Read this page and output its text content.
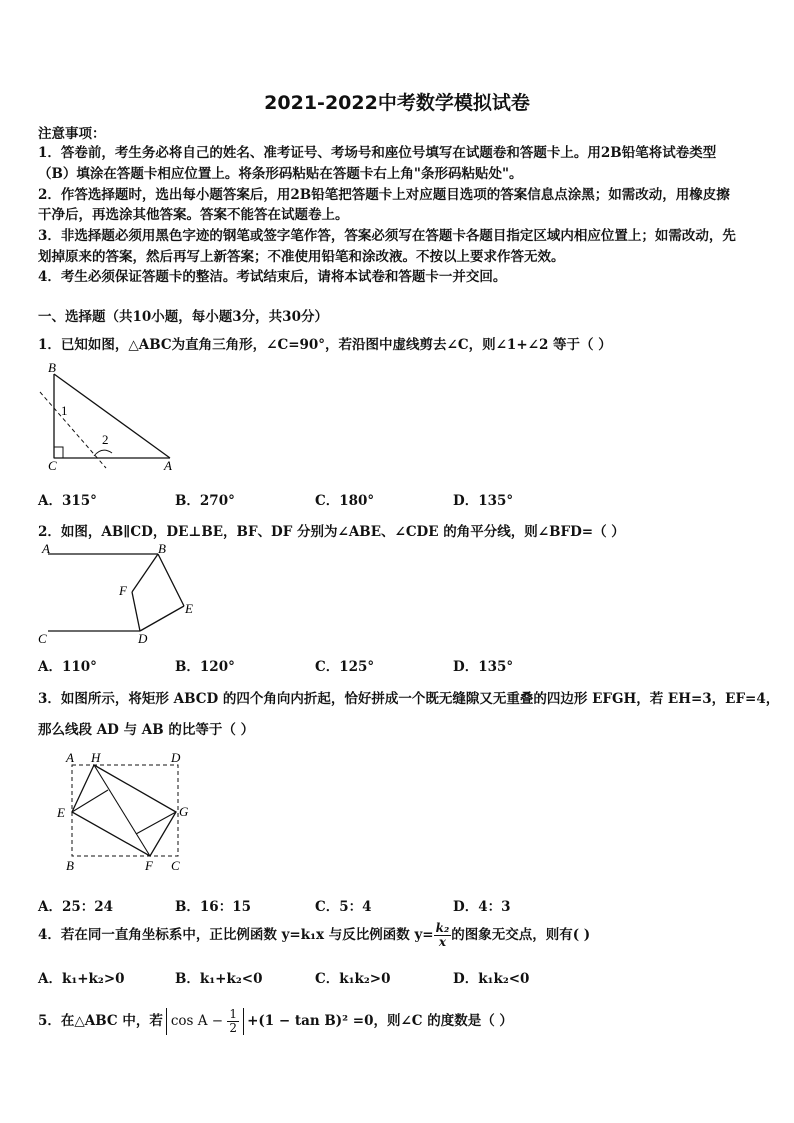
2021-2022中考数学模拟试卷
注意事项：
1．答卷前，考生务必将自己的姓名、准考证号、考场号和座位号填写在试题卷和答题卡上。用2B铅笔将试卷类型
（B）填涂在答题卡相应位置上。将条形码粘贴在答题卡右上角"条形码粘贴处"。
2．作答选择题时，选出每小题答案后，用2B铅笔把答题卡上对应题目选项的答案信息点涂黑；如需改动，用橡皮擦
干净后，再选涂其他答案。答案不能答在试题卷上。
3．非选择题必须用黑色字迹的钢笔或签字笔作答，答案必须写在答题卡各题目指定区域内相应位置上；如需改动，先
划掉原来的答案，然后再写上新答案；不准使用铅笔和涂改液。不按以上要求作答无效。
4．考生必须保证答题卡的整洁。考试结束后，请将本试卷和答题卡一并交回。
一、选择题（共10小题，每小题3分，共30分）
1．已知如图，△ABC为直角三角形，∠C=90°，若沿图中虚线剪去∠C，则∠1+∠2 等于（ ）
B
C	A
1
2
A．315°	B．270°	C．180°	D．135°
2．如图，AB∥CD，DE⊥BE，BF、DF 分别为∠ABE、∠CDE 的角平分线，则∠BFD=（ ）
A	B
F
E
C	D
A．110°	B．120°	C．125°	D．135°
3．如图所示，将矩形 ABCD 的四个角向内折起，恰好拼成一个既无缝隙又无重叠的四边形 EFGH，若 EH=3，EF=4，
那么线段 AD 与 AB 的比等于（ ）
A H	D
E	G
B	F C
A．25：24	B．16：15	C．5：4	D．4：3
4．若在同一直角坐标系中，正比例函数 y=k₁x 与反比例函数 $y= \frac{\text{k₂}}{x}$ 的图象无交点，则有( )
A．k₁+k₂>0	B．k₁+k₂<0	C．k₁k₂>0	D．k₁k₂<0
5．在△ABC 中，若 $\cos A - \frac{1}{2} +(1 - \tan B)^2 =0$，则∠C 的度数是（ ）
